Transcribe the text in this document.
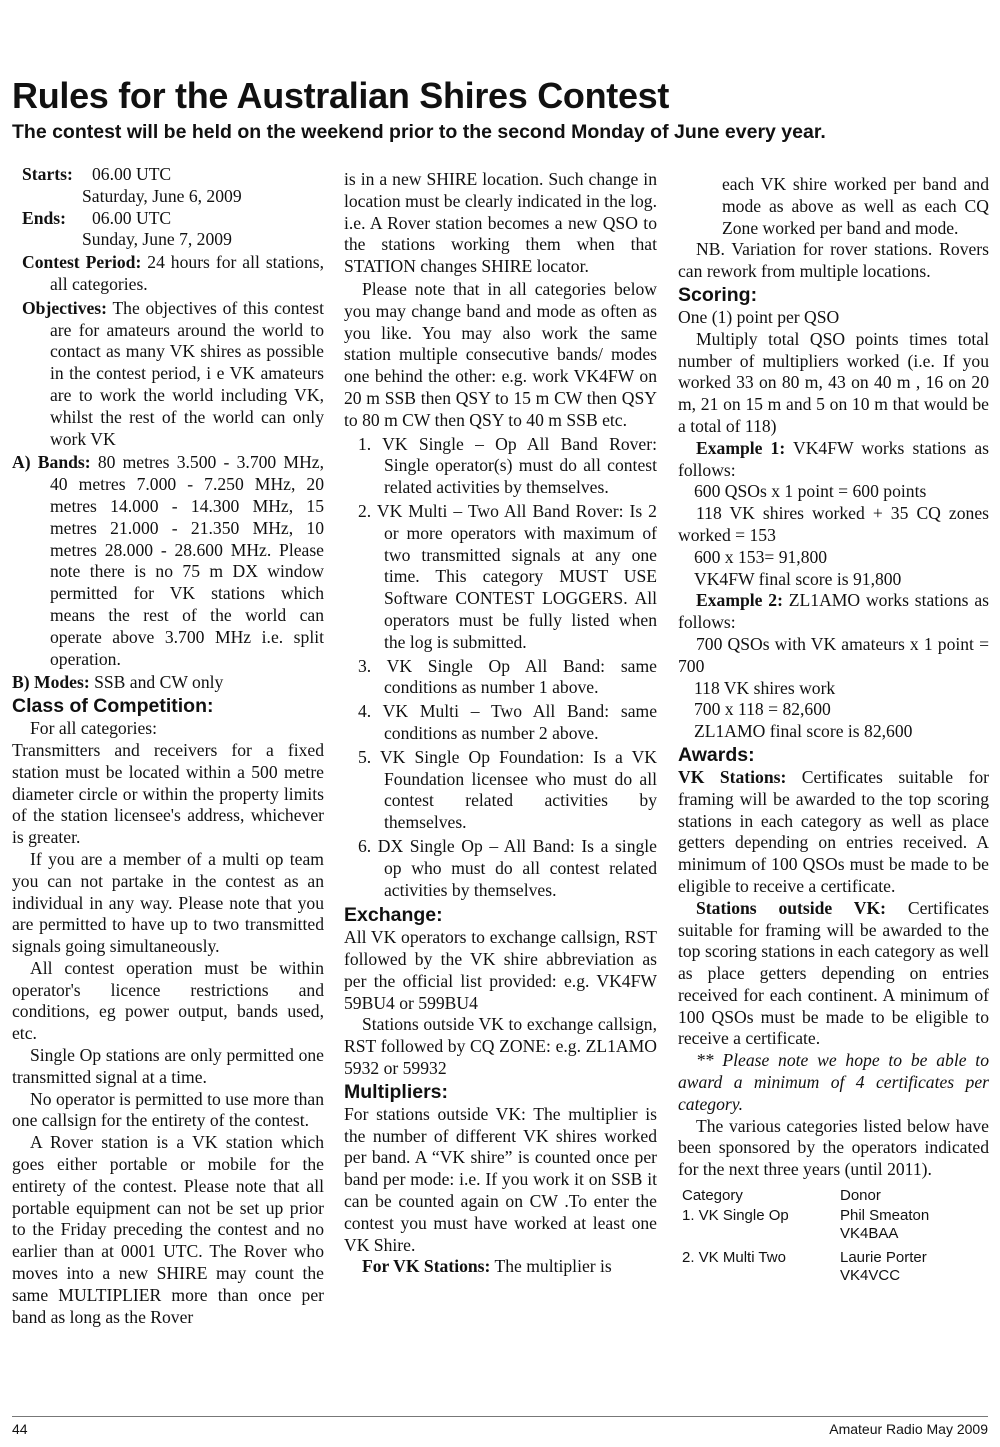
Rules for the Australian Shires Contest
The contest will be held on the weekend prior to the second Monday of June every year.
Starts:	06.00 UTC

Saturday, June 6, 2009

Ends:	06.00 UTC

Sunday, June 7, 2009

Contest Period: 24 hours for all stations, all categories.

Objectives: The objectives of this contest are for amateurs around the world to contact as many VK shires as possible in the contest period, i e VK amateurs are to work the world including VK, whilst the rest of the world can only work VK

A) Bands: 80 metres 3.500 - 3.700 MHz, 40 metres 7.000 - 7.250 MHz, 20 metres 14.000 - 14.300 MHz, 15 metres 21.000 - 21.350 MHz, 10 metres 28.000 - 28.600 MHz. Please note there is no 75 m DX window permitted for VK stations which means the rest of the world can operate above 3.700 MHz i.e. split operation.

B) Modes: SSB and CW only

Class of Competition:

For all categories:

Transmitters and receivers for a fixed station must be located within a 500 metre diameter circle or within the property limits of the station licensee's address, whichever is greater.

If you are a member of a multi op team you can not partake in the contest as an individual in any way. Please note that you are permitted to have up to two transmitted signals going simultaneously.

All contest operation must be within operator's licence restrictions and conditions, eg power output, bands used, etc.

Single Op stations are only permitted one transmitted signal at a time.

No operator is permitted to use more than one callsign for the entirety of the contest.

A Rover station is a VK station which goes either portable or mobile for the entirety of the contest. Please note that all portable equipment can not be set up prior to the Friday preceding the contest and no earlier than at 0001 UTC. The Rover who moves into a new SHIRE may count the same MULTIPLIER more than once per band as long as the Rover

is in a new SHIRE location. Such change in location must be clearly indicated in the log. i.e. A Rover station becomes a new QSO to the stations working them when that STATION changes SHIRE locator.

Please note that in all categories below you may change band and mode as often as you like. You may also work the same station multiple consecutive bands/ modes one behind the other: e.g. work VK4FW on 20 m SSB then QSY to 15 m CW then QSY to 80 m CW then QSY to 40 m SSB etc.

1. VK Single – Op All Band Rover: Single operator(s) must do all contest related activities by themselves.
2. VK Multi – Two All Band Rover: Is 2 or more operators with maximum of two transmitted signals at any one time. This category MUST USE Software CONTEST LOGGERS. All operators must be fully listed when the log is submitted.
3. VK Single Op All Band: same conditions as number 1 above.
4. VK Multi – Two All Band: same conditions as number 2 above.
5. VK Single Op Foundation: Is a VK Foundation licensee who must do all contest related activities by themselves.
6. DX Single Op – All Band: Is a single op who must do all contest related activities by themselves.

Exchange:

All VK operators to exchange callsign, RST followed by the VK shire abbreviation as per the official list provided: e.g. VK4FW 59BU4 or 599BU4

Stations outside VK to exchange callsign, RST followed by CQ ZONE: e.g. ZL1AMO 5932 or 59932

Multipliers:

For stations outside VK: The multiplier is the number of different VK shires worked per band. A “VK shire” is counted once per band per mode: i.e. If you work it on SSB it can be counted again on CW .To enter the contest you must have worked at least one VK Shire.

For VK Stations: The multiplier is

each VK shire worked per band and mode as above as well as each CQ Zone worked per band and mode.

NB. Variation for rover stations. Rovers can rework from multiple locations.

Scoring:

One (1) point per QSO

Multiply total QSO points times total number of multipliers worked (i.e. If you worked 33 on 80 m, 43 on 40 m , 16 on 20 m, 21 on 15 m and 5 on 10 m that would be a total of 118)

Example 1: VK4FW works stations as follows:

600 QSOs x 1 point = 600 points

118 VK shires worked + 35 CQ zones worked = 153

600 x 153= 91,800

VK4FW final score is 91,800

Example 2: ZL1AMO works stations as follows:

700 QSOs with VK amateurs x 1 point = 700

118 VK shires work

700 x 118 = 82,600

ZL1AMO final score is 82,600

Awards:

VK Stations: Certificates suitable for framing will be awarded to the top scoring stations in each category as well as place getters depending on entries received. A minimum of 100 QSOs must be made to be eligible to receive a certificate.

Stations outside VK: Certificates suitable for framing will be awarded to the top scoring stations in each category as well as place getters depending on entries received for each continent. A minimum of 100 QSOs must be made to be eligible to receive a certificate.

** Please note we hope to be able to award a minimum of 4 certificates per category.

The various categories listed below have been sponsored by the operators indicated for the next three years (until 2011).

Category	Donor
1. VK Single Op	Phil Smeaton
VK4BAA
2. VK Multi Two	Laurie Porter
VK4VCC
44	Amateur Radio May 2009
